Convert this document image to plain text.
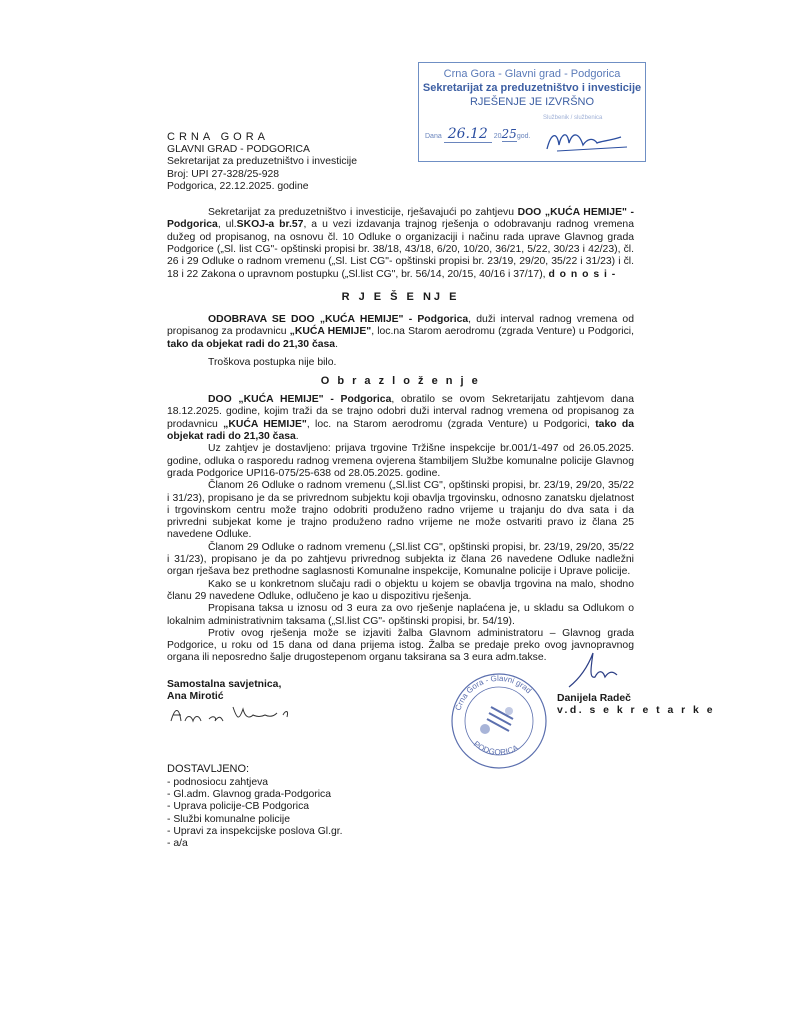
Crna Gora - Glavni grad - Podgorica
Sekretarijat za preduzetništvo i investicije
RJEŠENJE JE IZVRŠNO
Dana 26.12 2025god.
Službenik / službenica
CRNA GORA
GLAVNI GRAD - PODGORICA
Sekretarijat za preduzetništvo i investicije
Broj: UPI 27-328/25-928
Podgorica, 22.12.2025. godine
Sekretarijat za preduzetništvo i investicije, rješavajući po zahtjevu DOO „KUĆA HEMIJE" - Podgorica, ul.SKOJ-a br.57, a u vezi izdavanja trajnog rješenja o odobravanju radnog vremena dužeg od propisanog, na osnovu čl. 10 Odluke o organizaciji i načinu rada uprave Glavnog grada Podgorice („Sl. list CG"- opštinski propisi br. 38/18, 43/18, 6/20, 10/20, 36/21, 5/22, 30/23 i 42/23), čl. 26 i 29 Odluke o radnom vremenu („Sl. List CG"- opštinski propisi br. 23/19, 29/20, 35/22 i 31/23) i čl. 18 i 22 Zakona o upravnom postupku („Sl.list CG", br. 56/14, 20/15, 40/16 i 37/17), d o n o s i -
R J E Š E NJ E
ODOBRAVA SE DOO „KUĆA HEMIJE" - Podgorica, duži interval radnog vremena od propisanog za prodavnicu „KUĆA HEMIJE", loc.na Starom aerodromu (zgrada Venture) u Podgorici, tako da objekat radi do 21,30 časa.
Troškova postupka nije bilo.
O b r a z l o ž e n j e
DOO „KUĆA HEMIJE" - Podgorica, obratilo se ovom Sekretarijatu zahtjevom dana 18.12.2025. godine, kojim traži da se trajno odobri duži interval radnog vremena od propisanog za prodavnicu „KUĆA HEMIJE", loc. na Starom aerodromu (zgrada Venture) u Podgorici, tako da objekat radi do 21,30 časa.
Uz zahtjev je dostavljeno: prijava trgovine Tržišne inspekcije br.001/1-497 od 26.05.2025. godine, odluka o rasporedu radnog vremena ovjerena štambiljem Službe komunalne policije Glavnog grada Podgorice UPI16-075/25-638 od 28.05.2025. godine.
Članom 26 Odluke o radnom vremenu („Sl.list CG", opštinski propisi, br. 23/19, 29/20, 35/22 i 31/23), propisano je da se privrednom subjektu koji obavlja trgovinsku, odnosno zanatsku djelatnost i trgovinskom centru može trajno odobriti produženo radno vrijeme u trajanju do dva sata i da privredni subjekat kome je trajno produženo radno vrijeme ne može ostvariti pravo iz člana 25 navedene Odluke.
Članom 29 Odluke o radnom vremenu („Sl.list CG", opštinski propisi, br. 23/19, 29/20, 35/22 i 31/23), propisano je da po zahtjevu privrednog subjekta iz člana 26 navedene Odluke nadležni organ rješava bez prethodne saglasnosti Komunalne inspekcije, Komunalne policije i Uprave policije.
Kako se u konkretnom slučaju radi o objektu u kojem se obavlja trgovina na malo, shodno članu 29 navedene Odluke, odlučeno je kao u dispozitivu rješenja.
Propisana taksa u iznosu od 3 eura za ovo rješenje naplaćena je, u skladu sa Odlukom o lokalnim administrativnim taksama („Sl.list CG"- opštinski propisi, br. 54/19).
Protiv ovog rješenja može se izjaviti žalba Glavnom administratoru – Glavnog grada Podgorice, u roku od 15 dana od dana prijema istog. Žalba se predaje preko ovog javnopravnog organa ili neposredno šalje drugostepenom organu taksirana sa 3 eura adm.takse.
Samostalna savjetnica,
Ana Mirotić
Crna Gora - Glavni grad
PODGORICA
Danijela Radeč
v.d. s e k r e t a r k e
DOSTAVLJENO:
- podnosiocu zahtjeva
- Gl.adm. Glavnog grada-Podgorica
- Uprava policije-CB Podgorica
- Službi komunalne policije
- Upravi za inspekcijske poslova Gl.gr.
- a/a
